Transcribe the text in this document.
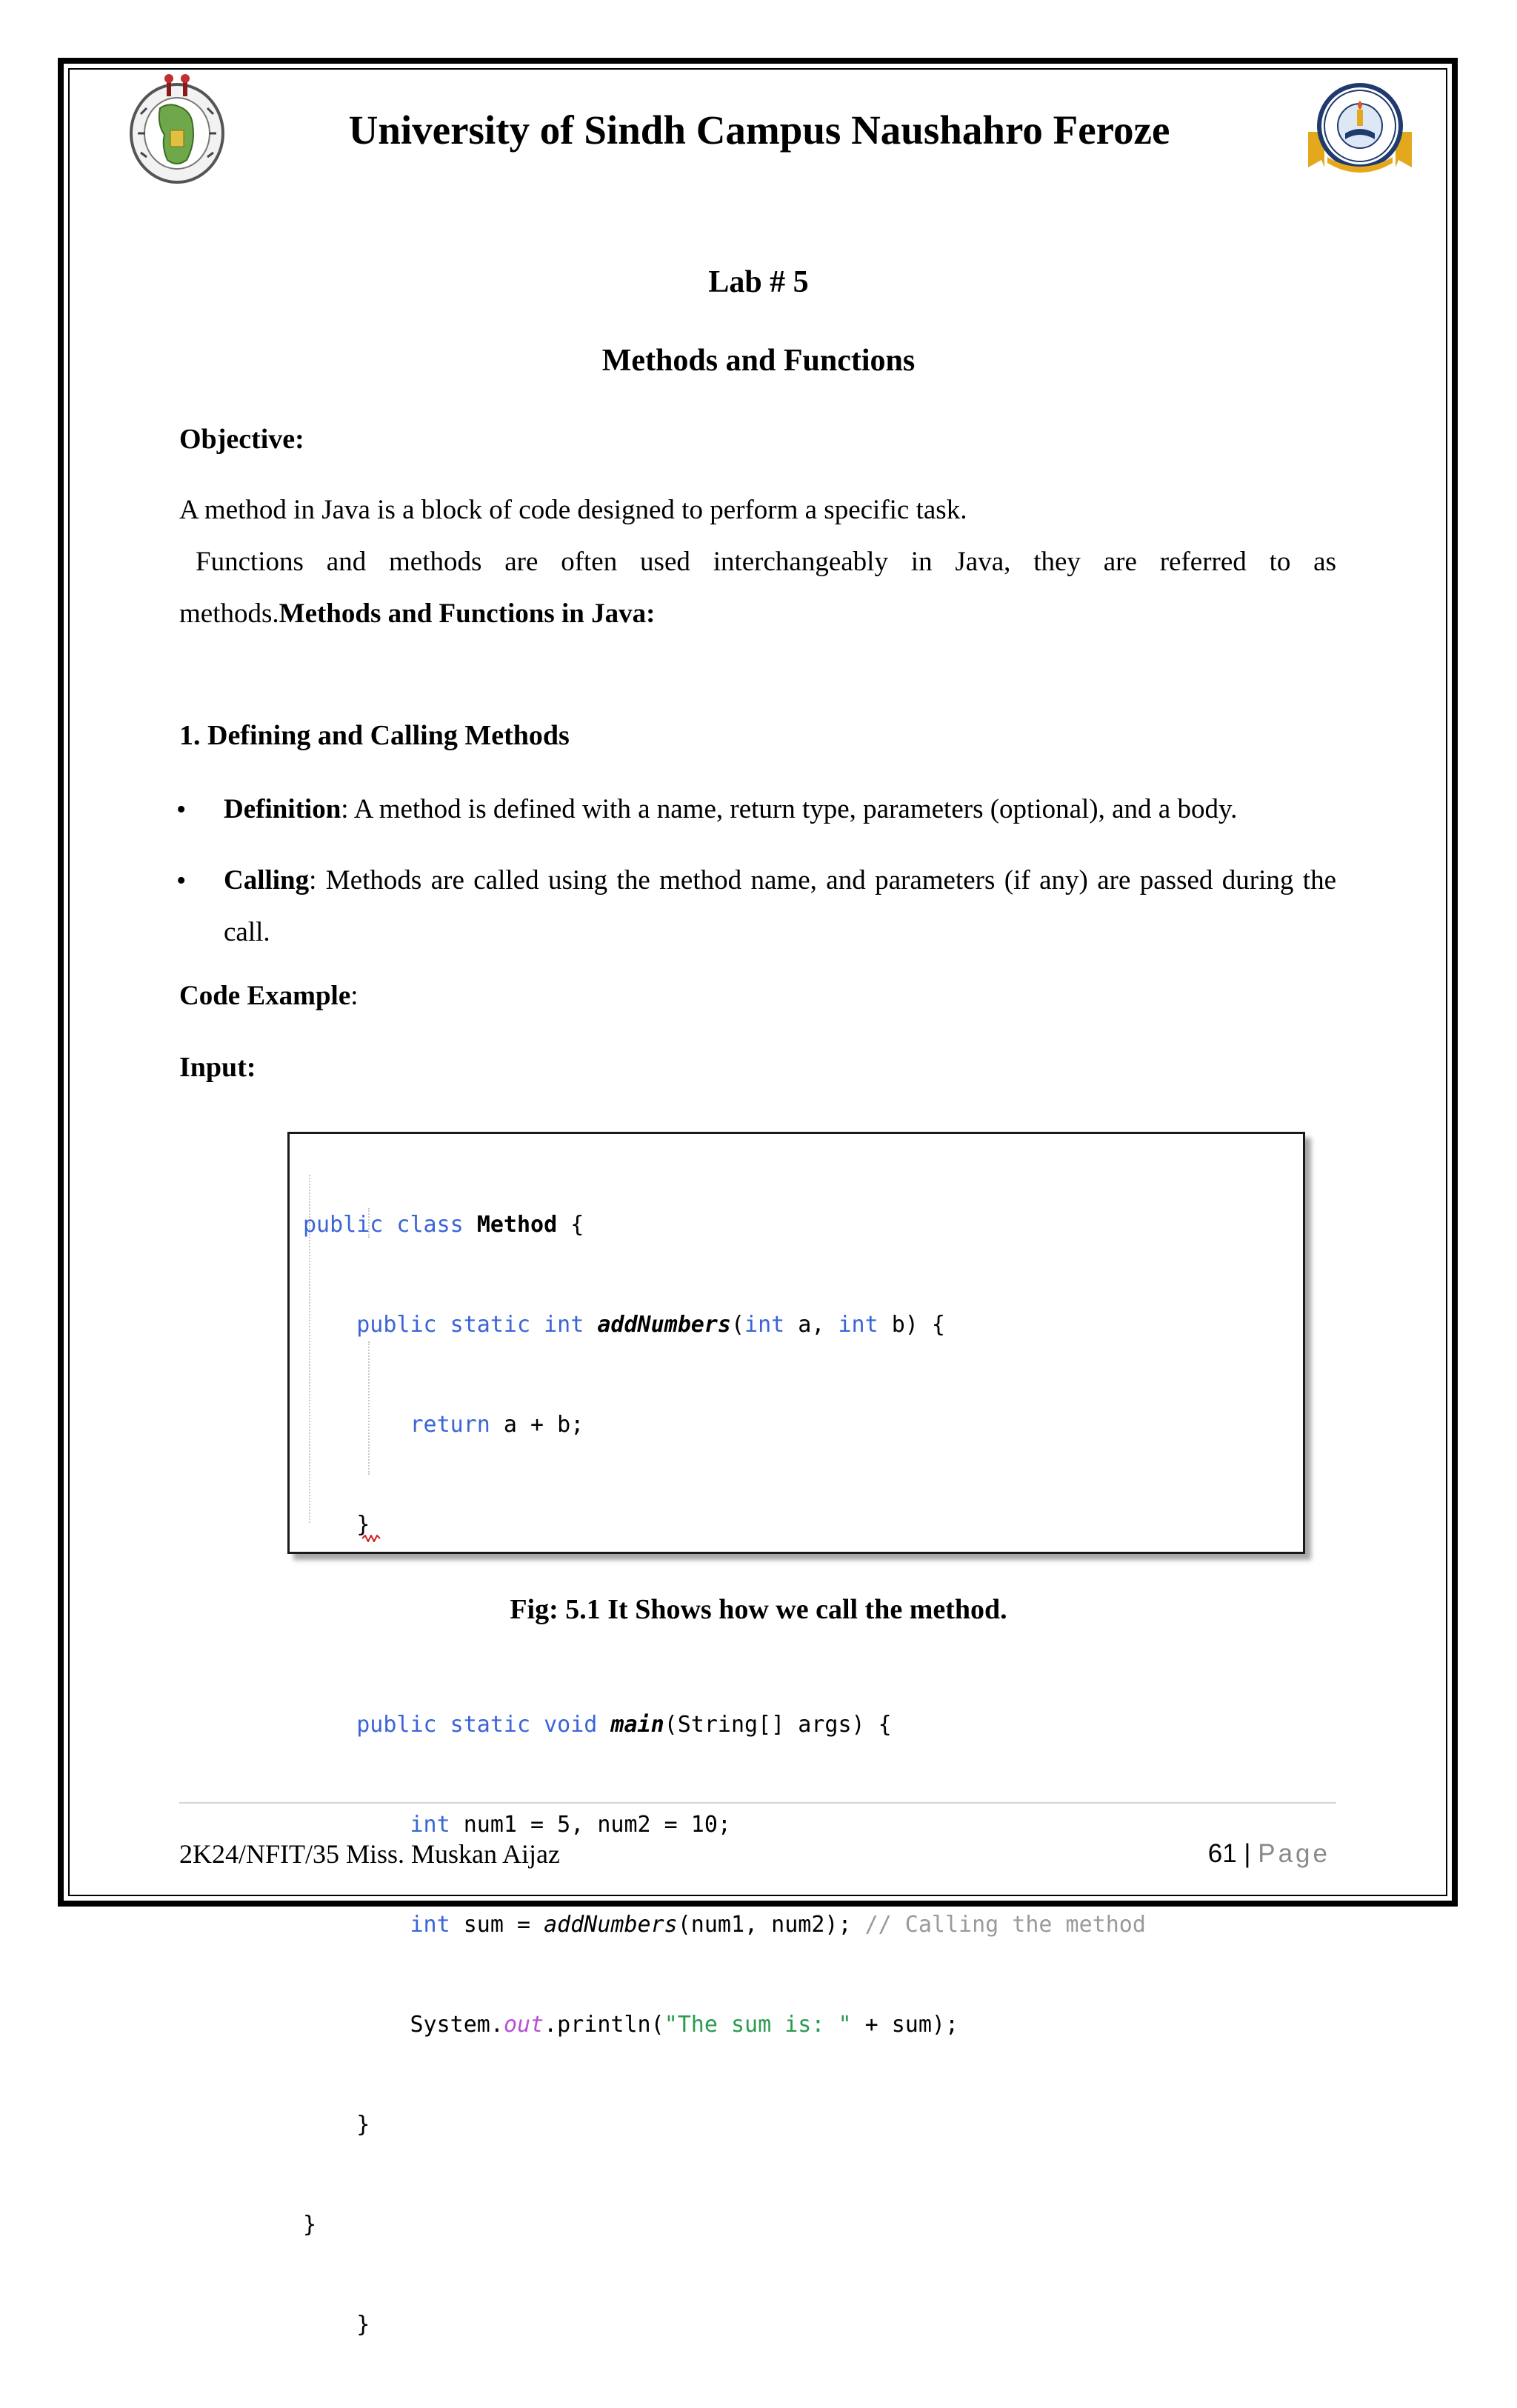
University of Sindh Campus Naushahro Feroze
Lab # 5
Methods and Functions
Objective:
A method in Java is a block of code designed to perform a specific task.
Functions and methods are often used interchangeably in Java, they are referred to as
methods.Methods and Functions in Java:
1. Defining and Calling Methods
• Definition: A method is defined with a name, return type, parameters (optional), and a body.
• Calling: Methods are called using the method name, and parameters (if any) are passed during the call.
Code Example:
Input:

public class Method {

public static int addNumbers(int a, int b) {

return a + b;

}

public static void main(String[] args) {

int num1 = 5, num2 = 10;

int sum = addNumbers(num1, num2); // Calling the method

System.out.println("The sum is: " + sum);

}

}

}

Fig: 5.1 It Shows how we call the method.
2K24/NFIT/35 Miss. Muskan Aijaz	61 | Page
